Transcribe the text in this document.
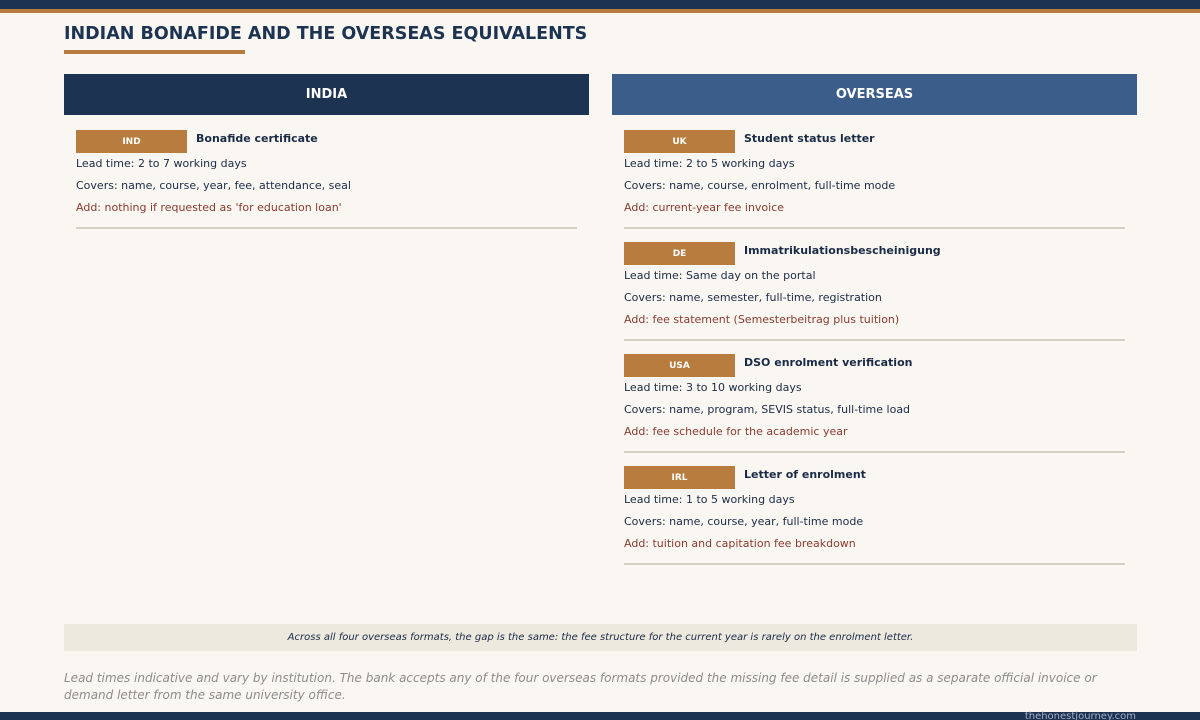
INDIAN BONAFIDE AND THE OVERSEAS EQUIVALENTS
INDIA	OVERSEAS
IND	Bonafide certificate
Lead time: 2 to 7 working days
Covers: name, course, year, fee, attendance, seal
Add: nothing if requested as 'for education loan'
UK	Student status letter
Lead time: 2 to 5 working days
Covers: name, course, enrolment, full-time mode
Add: current-year fee invoice
DE	Immatrikulationsbescheinigung
Lead time: Same day on the portal
Covers: name, semester, full-time, registration
Add: fee statement (Semesterbeitrag plus tuition)
USA	DSO enrolment verification
Lead time: 3 to 10 working days
Covers: name, program, SEVIS status, full-time load
Add: fee schedule for the academic year
IRL	Letter of enrolment
Lead time: 1 to 5 working days
Covers: name, course, year, full-time mode
Add: tuition and capitation fee breakdown
Across all four overseas formats, the gap is the same: the fee structure for the current year is rarely on the enrolment letter.

Lead times indicative and vary by institution. The bank accepts any of the four overseas formats provided the missing fee detail is supplied as a separate official invoice or demand letter from the same university office.

thehonestjourney.com
